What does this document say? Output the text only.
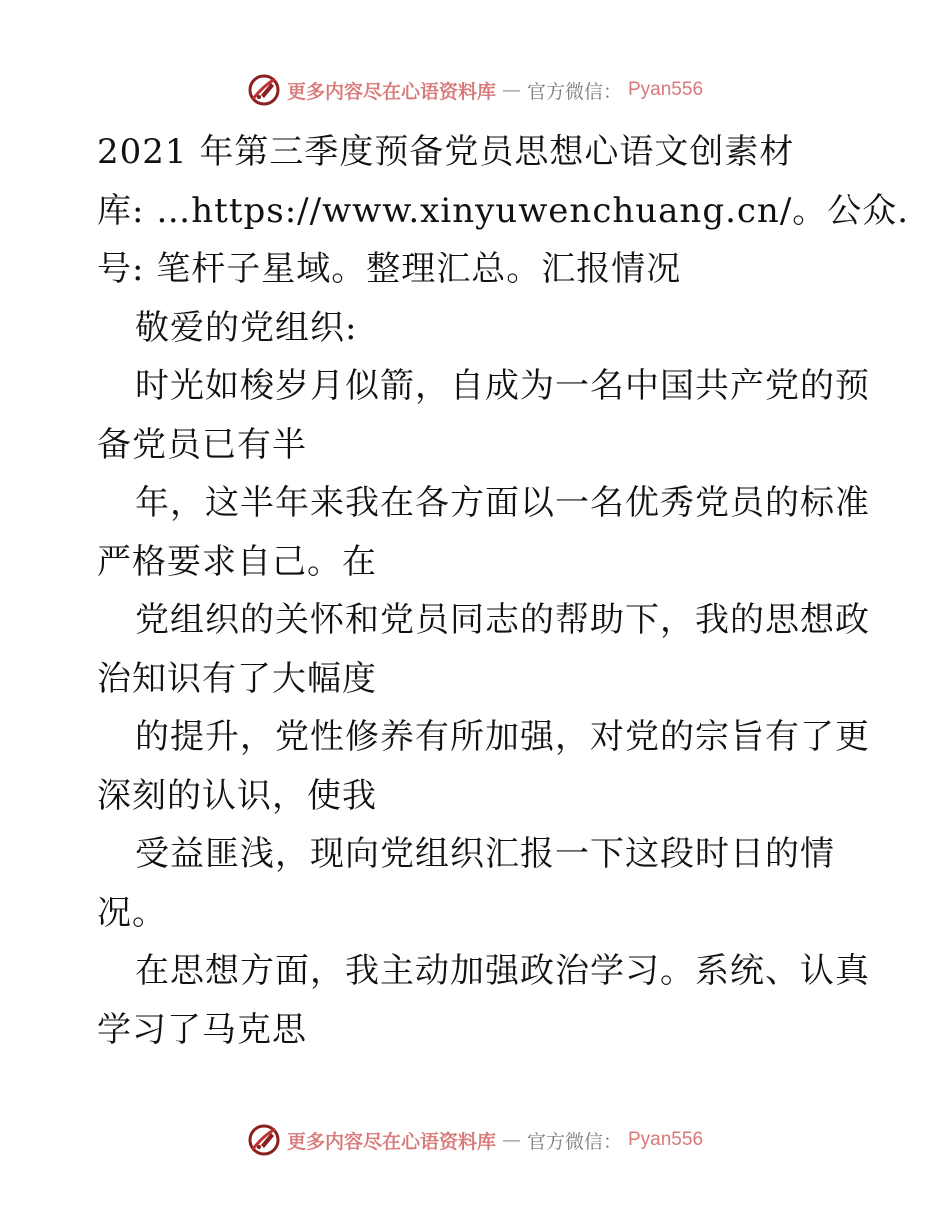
更多内容尽在心语资料库 — 官方微信： Pyan556
2021 年第三季度预备党员思想心语文创素材
库: …https://www.xinyuwenchuang.cn/。公众.
号: 笔杆子星域。整理汇总。汇报情况
敬爱的党组织:
时光如梭岁月似箭，自成为一名中国共产党的预
备党员已有半
年，这半年来我在各方面以一名优秀党员的标准
严格要求自己。在
党组织的关怀和党员同志的帮助下，我的思想政
治知识有了大幅度
的提升，党性修养有所加强，对党的宗旨有了更
深刻的认识，使我
受益匪浅，现向党组织汇报一下这段时日的情
况。
在思想方面，我主动加强政治学习。系统、认真
学习了马克思
更多内容尽在心语资料库 — 官方微信： Pyan556
